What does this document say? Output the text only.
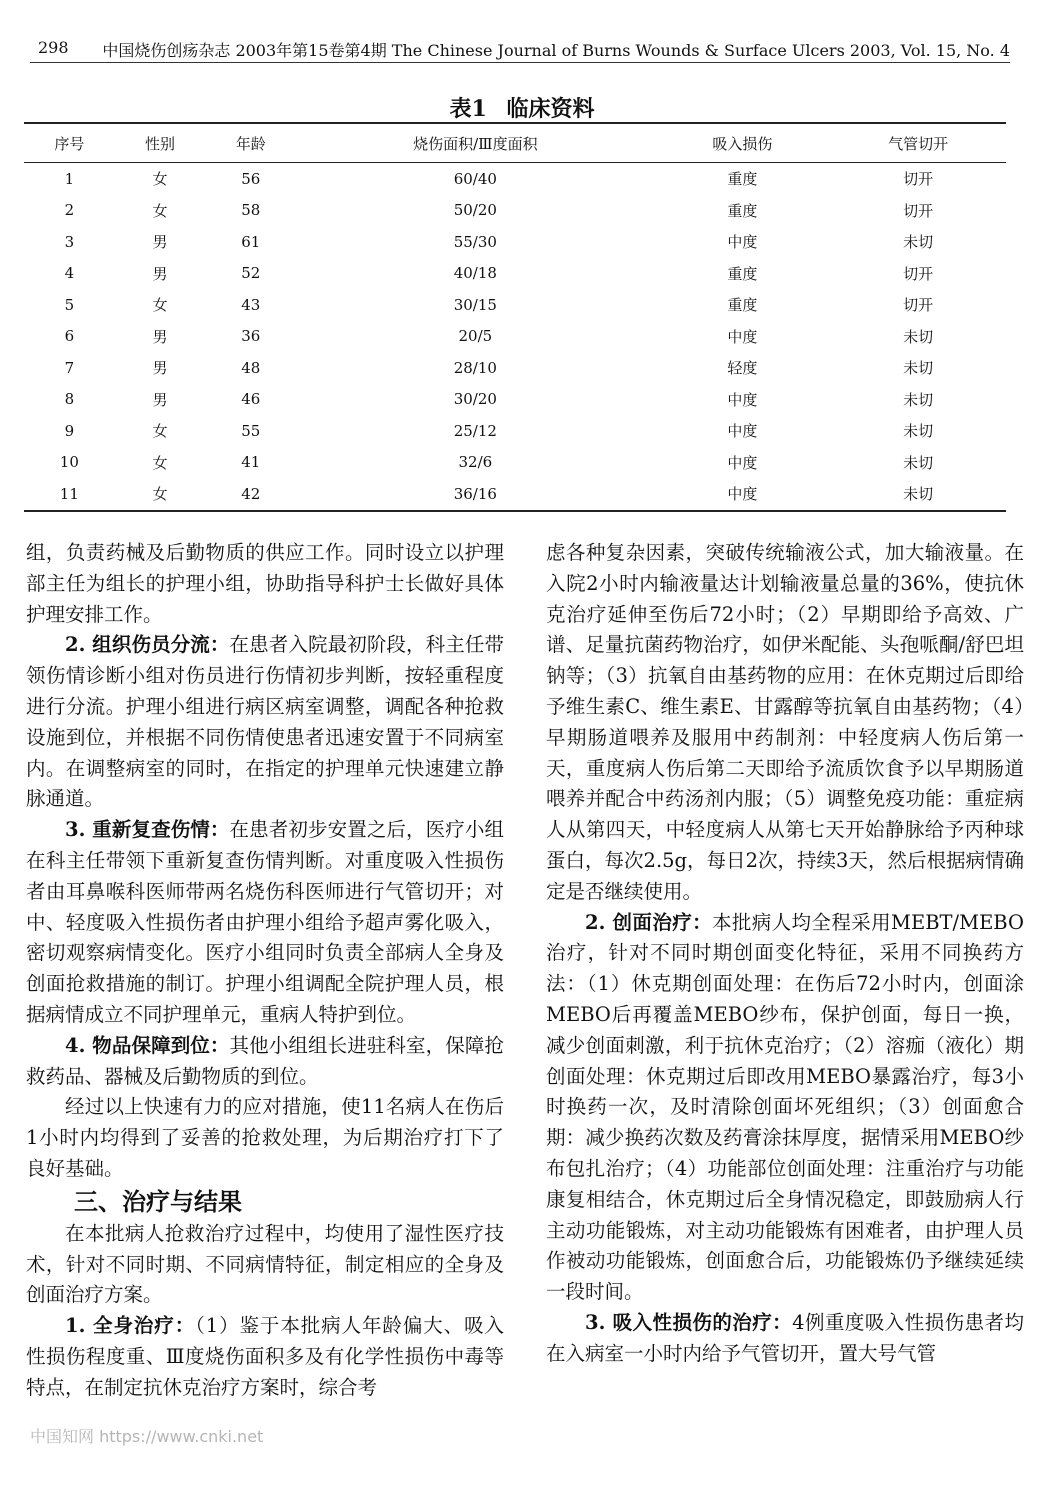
298 中国烧伤创疡杂志 2003年第15卷第4期 The Chinese Journal of Burns Wounds & Surface Ulcers 2003, Vol. 15, No. 4
表1 临床资料
序号	性别	年龄	烧伤面积/Ⅲ度面积	吸入损伤	气管切开
1	女	56	60/40	重度	切开
2	女	58	50/20	重度	切开
3	男	61	55/30	中度	未切
4	男	52	40/18	重度	切开
5	女	43	30/15	重度	切开
6	男	36	20/5	中度	未切
7	男	48	28/10	轻度	未切
8	男	46	30/20	中度	未切
9	女	55	25/12	中度	未切
10	女	41	32/6	中度	未切
11	女	42	36/16	中度	未切

组，负责药械及后勤物质的供应工作。同时设立以护理部主任为组长的护理小组，协助指导科护士长做好具体护理安排工作。

2. 组织伤员分流：在患者入院最初阶段，科主任带领伤情诊断小组对伤员进行伤情初步判断，按轻重程度进行分流。护理小组进行病区病室调整，调配各种抢救设施到位，并根据不同伤情使患者迅速安置于不同病室内。在调整病室的同时，在指定的护理单元快速建立静脉通道。

3. 重新复查伤情：在患者初步安置之后，医疗小组在科主任带领下重新复查伤情判断。对重度吸入性损伤者由耳鼻喉科医师带两名烧伤科医师进行气管切开；对中、轻度吸入性损伤者由护理小组给予超声雾化吸入，密切观察病情变化。医疗小组同时负责全部病人全身及创面抢救措施的制订。护理小组调配全院护理人员，根据病情成立不同护理单元，重病人特护到位。

4. 物品保障到位：其他小组组长进驻科室，保障抢救药品、器械及后勤物质的到位。

经过以上快速有力的应对措施，使11名病人在伤后1小时内均得到了妥善的抢救处理，为后期治疗打下了良好基础。

三、治疗与结果

在本批病人抢救治疗过程中，均使用了湿性医疗技术，针对不同时期、不同病情特征，制定相应的全身及创面治疗方案。

1. 全身治疗：（1）鉴于本批病人年龄偏大、吸入性损伤程度重、Ⅲ度烧伤面积多及有化学性损伤中毒等特点，在制定抗休克治疗方案时，综合考

虑各种复杂因素，突破传统输液公式，加大输液量。在入院2小时内输液量达计划输液量总量的36%，使抗休克治疗延伸至伤后72小时；（2）早期即给予高效、广谱、足量抗菌药物治疗，如伊米配能、头孢哌酮/舒巴坦钠等；（3）抗氧自由基药物的应用：在休克期过后即给予维生素C、维生素E、甘露醇等抗氧自由基药物；（4）早期肠道喂养及服用中药制剂：中轻度病人伤后第一天，重度病人伤后第二天即给予流质饮食予以早期肠道喂养并配合中药汤剂内服；（5）调整免疫功能：重症病人从第四天，中轻度病人从第七天开始静脉给予丙种球蛋白，每次2.5g，每日2次，持续3天，然后根据病情确定是否继续使用。

2. 创面治疗：本批病人均全程采用MEBT/MEBO治疗，针对不同时期创面变化特征，采用不同换药方法：（1）休克期创面处理：在伤后72小时内，创面涂MEBO后再覆盖MEBO纱布，保护创面，每日一换，减少创面刺激，利于抗休克治疗；（2）溶痂（液化）期创面处理：休克期过后即改用MEBO暴露治疗，每3小时换药一次，及时清除创面坏死组织；（3）创面愈合期：减少换药次数及药膏涂抹厚度，据情采用MEBO纱布包扎治疗；（4）功能部位创面处理：注重治疗与功能康复相结合，休克期过后全身情况稳定，即鼓励病人行主动功能锻炼，对主动功能锻炼有困难者，由护理人员作被动功能锻炼，创面愈合后，功能锻炼仍予继续延续一段时间。

3. 吸入性损伤的治疗：4例重度吸入性损伤患者均在入病室一小时内给予气管切开，置大号气管

中国知网 https://www.cnki.net
